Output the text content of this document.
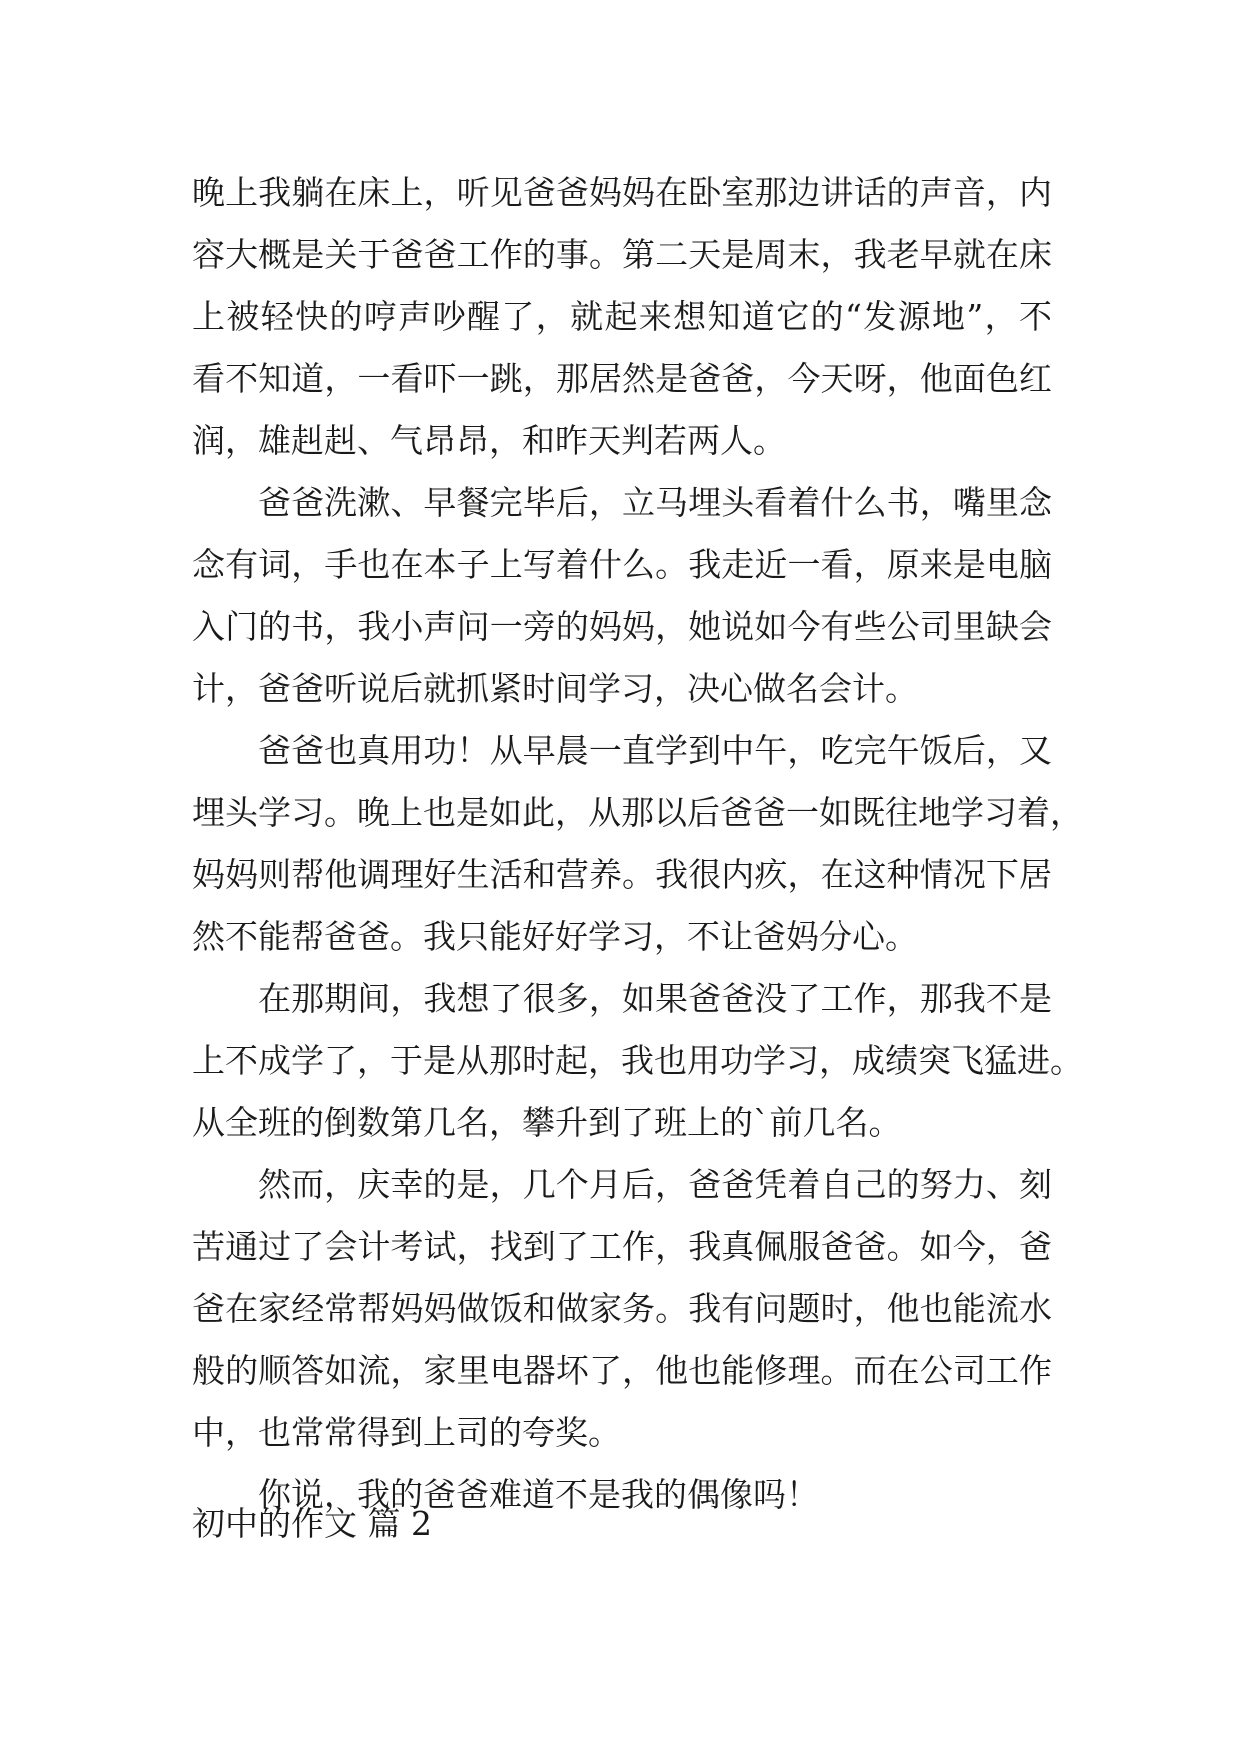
晚上我躺在床上，听见爸爸妈妈在卧室那边讲话的声音，内
容大概是关于爸爸工作的事。第二天是周末，我老早就在床
上被轻快的哼声吵醒了，就起来想知道它的“发源地”，不
看不知道，一看吓一跳，那居然是爸爸，今天呀，他面色红
润，雄赳赳、气昂昂，和昨天判若两人。
爸爸洗漱、早餐完毕后，立马埋头看着什么书，嘴里念
念有词，手也在本子上写着什么。我走近一看，原来是电脑
入门的书，我小声问一旁的妈妈，她说如今有些公司里缺会
计，爸爸听说后就抓紧时间学习，决心做名会计。
爸爸也真用功！从早晨一直学到中午，吃完午饭后，又
埋头学习。晚上也是如此，从那以后爸爸一如既往地学习着，
妈妈则帮他调理好生活和营养。我很内疚，在这种情况下居
然不能帮爸爸。我只能好好学习，不让爸妈分心。
在那期间，我想了很多，如果爸爸没了工作，那我不是
上不成学了，于是从那时起，我也用功学习，成绩突飞猛进。
从全班的倒数第几名，攀升到了班上的`前几名。
然而，庆幸的是，几个月后，爸爸凭着自己的努力、刻
苦通过了会计考试，找到了工作，我真佩服爸爸。如今，爸
爸在家经常帮妈妈做饭和做家务。我有问题时，他也能流水
般的顺答如流，家里电器坏了，他也能修理。而在公司工作
中，也常常得到上司的夸奖。
你说，我的爸爸难道不是我的偶像吗！
初中的作文 篇 2
